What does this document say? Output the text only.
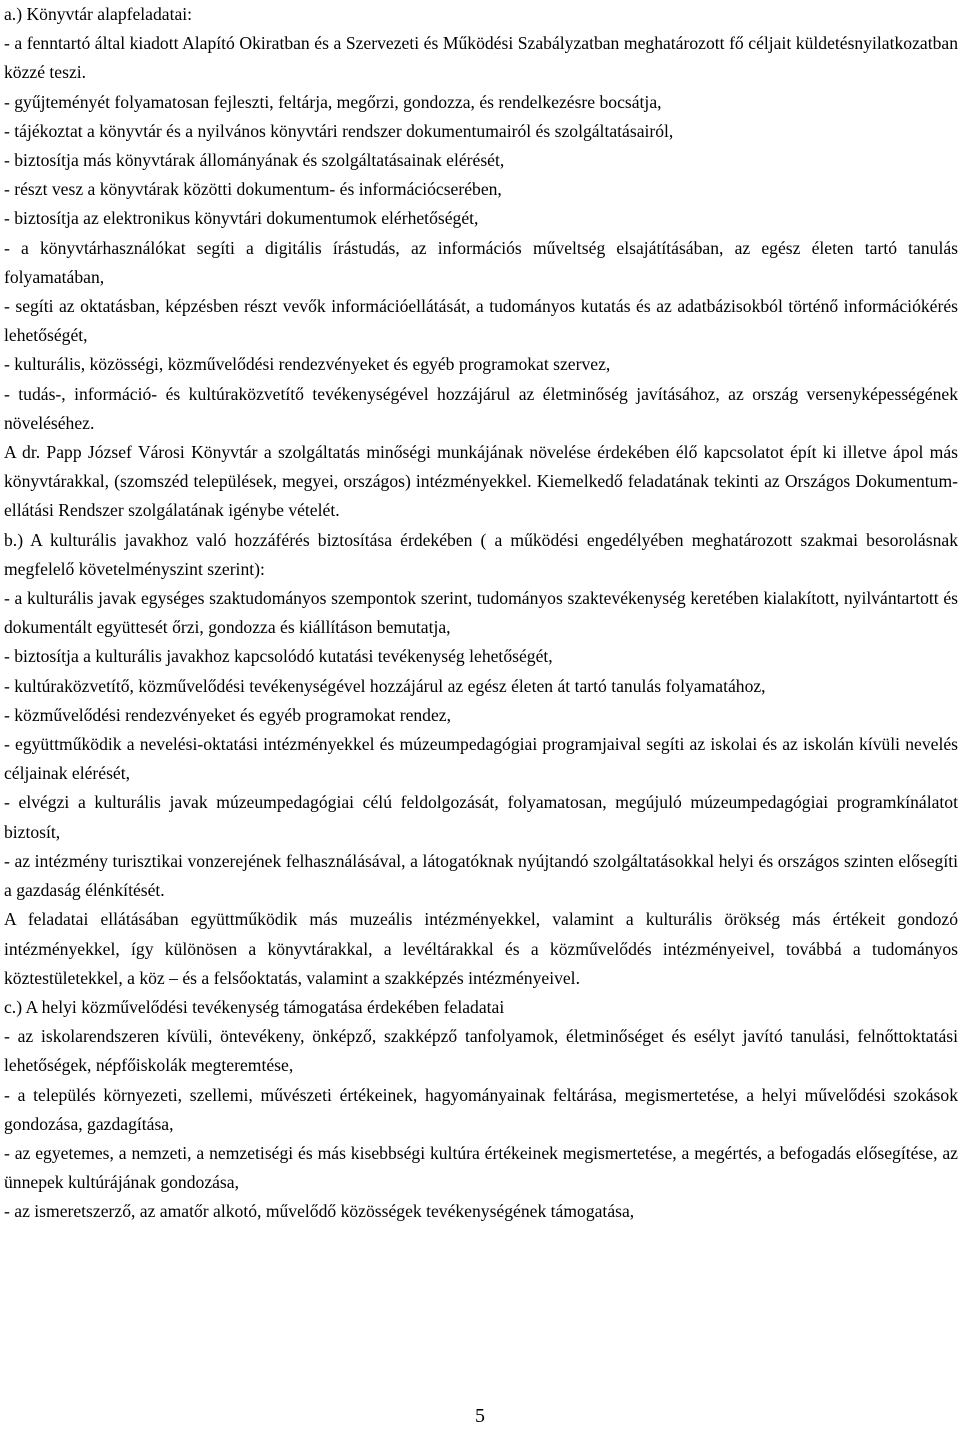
a.) Könyvtár alapfeladatai:

- a fenntartó által kiadott Alapító Okiratban és a Szervezeti és Működési Szabályzatban meghatározott fő céljait küldetésnyilatkozatban közzé teszi.

- gyűjteményét folyamatosan fejleszti, feltárja, megőrzi, gondozza, és rendelkezésre bocsátja,

- tájékoztat a könyvtár és a nyilvános könyvtári rendszer dokumentumairól és szolgáltatásairól,

- biztosítja más könyvtárak állományának és szolgáltatásainak elérését,

- részt vesz a könyvtárak közötti dokumentum- és információcserében,

- biztosítja az elektronikus könyvtári dokumentumok elérhetőségét,

- a könyvtárhasználókat segíti a digitális írástudás, az információs műveltség elsajátításában, az egész életen tartó tanulás folyamatában,

- segíti az oktatásban, képzésben részt vevők információellátását, a tudományos kutatás és az adatbázisokból történő információkérés lehetőségét,

- kulturális, közösségi, közművelődési rendezvényeket és egyéb programokat szervez,

- tudás-, információ- és kultúraközvetítő tevékenységével hozzájárul az életminőség javításához, az ország versenyképességének növeléséhez.

A dr. Papp József Városi Könyvtár a szolgáltatás minőségi munkájának növelése érdekében élő kapcsolatot épít ki illetve ápol más könyvtárakkal, (szomszéd települések, megyei, országos) intézményekkel. Kiemelkedő feladatának tekinti az Országos Dokumentum-ellátási Rendszer szolgálatának igénybe vételét.

b.) A kulturális javakhoz való hozzáférés biztosítása érdekében ( a működési engedélyében meghatározott szakmai besorolásnak megfelelő követelményszint szerint):

- a kulturális javak egységes szaktudományos szempontok szerint, tudományos szaktevékenység keretében kialakított, nyilvántartott és dokumentált együttesét őrzi, gondozza és kiállításon bemutatja,

- biztosítja a kulturális javakhoz kapcsolódó kutatási tevékenység lehetőségét,

- kultúraközvetítő, közművelődési tevékenységével hozzájárul az egész életen át tartó tanulás folyamatához,

- közművelődési rendezvényeket és egyéb programokat rendez,

- együttműködik a nevelési-oktatási intézményekkel és múzeumpedagógiai programjaival segíti az iskolai és az iskolán kívüli nevelés céljainak elérését,

- elvégzi a kulturális javak múzeumpedagógiai célú feldolgozását, folyamatosan, megújuló múzeumpedagógiai programkínálatot biztosít,

- az intézmény turisztikai vonzerejének felhasználásával, a látogatóknak nyújtandó szolgáltatásokkal helyi és országos szinten elősegíti a gazdaság élénkítését.

A feladatai ellátásában együttműködik más muzeális intézményekkel, valamint a kulturális örökség más értékeit gondozó intézményekkel, így különösen a könyvtárakkal, a levéltárakkal és a közművelődés intézményeivel, továbbá a tudományos köztestületekkel, a köz – és a felsőoktatás, valamint a szakképzés intézményeivel.

c.) A helyi közművelődési tevékenység támogatása érdekében feladatai

- az iskolarendszeren kívüli, öntevékeny, önképző, szakképző tanfolyamok, életminőséget és esélyt javító tanulási, felnőttoktatási lehetőségek, népfőiskolák megteremtése,

- a település környezeti, szellemi, művészeti értékeinek, hagyományainak feltárása, megismertetése, a helyi művelődési szokások gondozása, gazdagítása,

- az egyetemes, a nemzeti, a nemzetiségi és más kisebbségi kultúra értékeinek megismertetése, a megértés, a befogadás elősegítése, az ünnepek kultúrájának gondozása,

- az ismeretszerző, az amatőr alkotó, művelődő közösségek tevékenységének támogatása,

5
